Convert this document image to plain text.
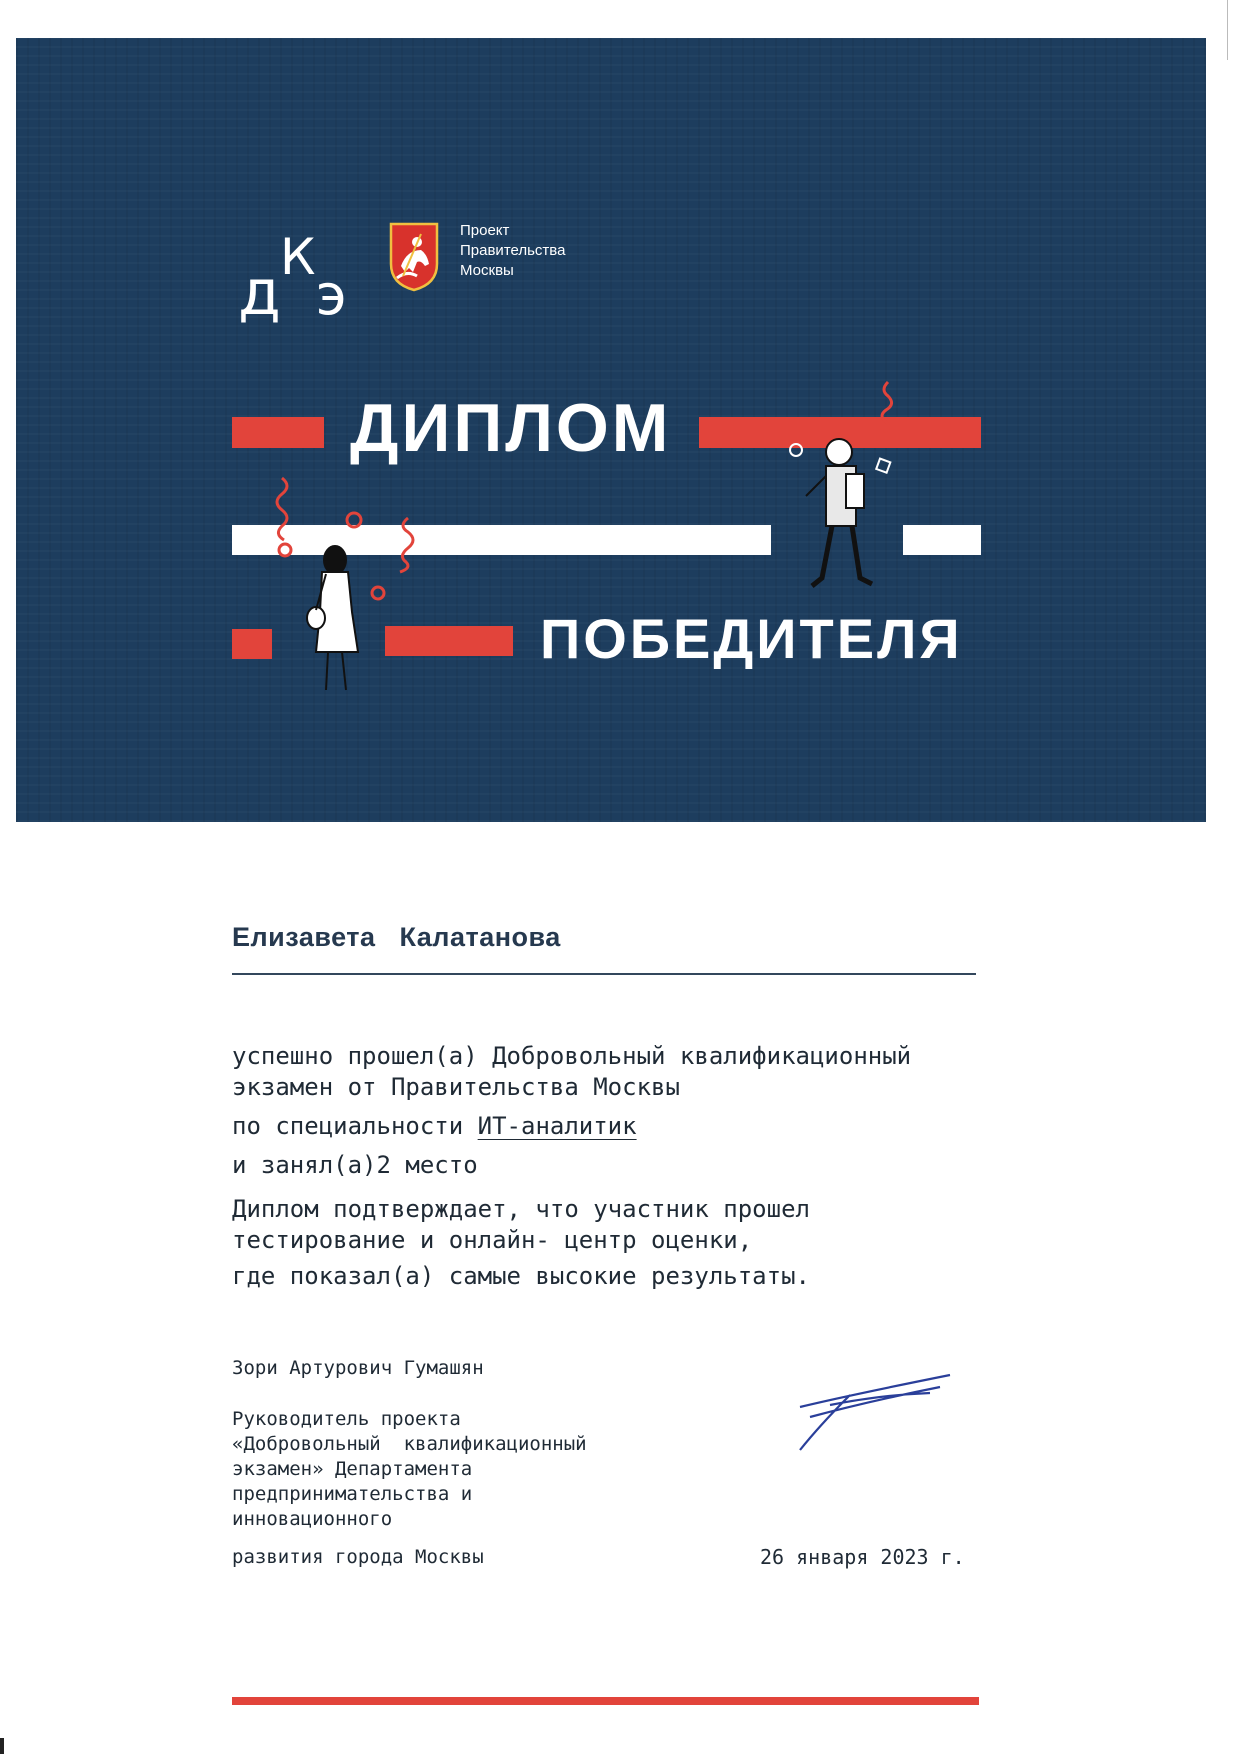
д К
э
Проект
Правительства
Москвы
ДИПЛОМ
ПОБЕДИТЕЛЯ
Елизавета Калатанова
успешно прошел(а) Добровольный квалификационный
экзамен от Правительства Москвы
по специальности ИТ-аналитик
и занял(а)2 место
Диплом подтверждает, что участник прошел
тестирование и онлайн- центр оценки,
где показал(а) самые высокие результаты.
Зори Артурович Гумашян
Руководитель проекта
«Добровольный  квалификационный
экзамен» Департамента
предпринимательства и
инновационного
развития города Москвы	26 января 2023 г.
